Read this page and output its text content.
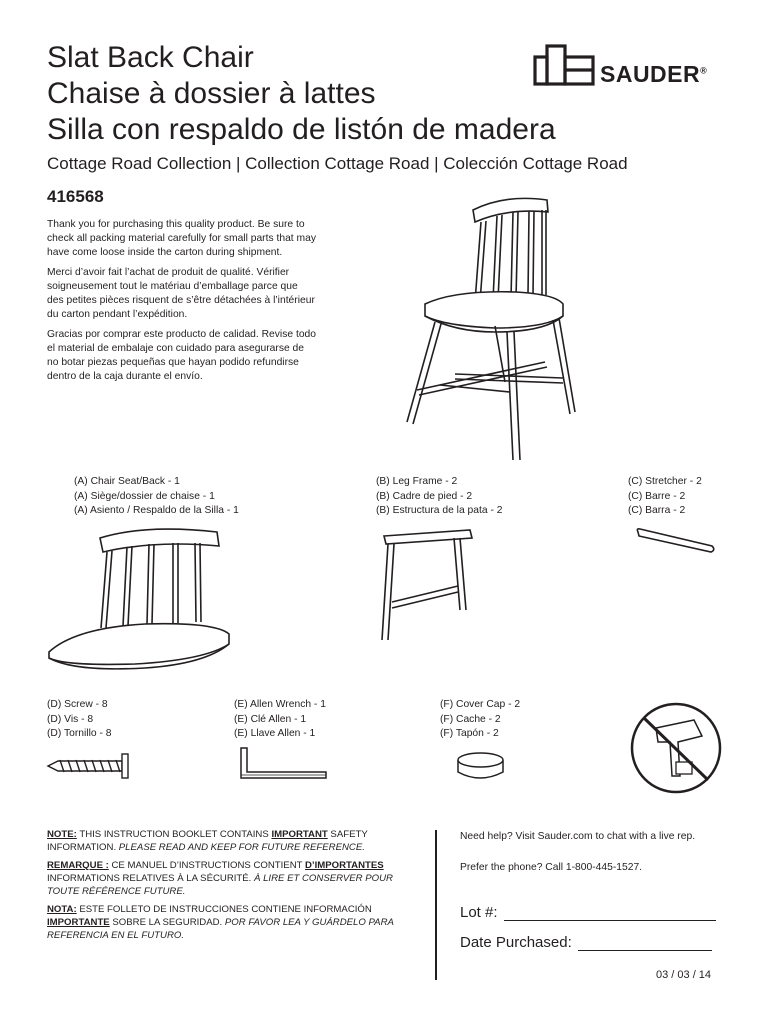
Slat Back Chair
Chaise à dossier à lattes
Silla con respaldo de listón de madera
SAUDER®
Cottage Road Collection | Collection Cottage Road | Colección Cottage Road
416568

Thank you for purchasing this quality product. Be sure to check all packing material carefully for small parts that may have come loose inside the carton during shipment.

Merci d’avoir fait l’achat de produit de qualité. Vérifier soigneusement tout le matériau d’emballage parce que des petites pièces risquent de s’être détachées à l’intérieur du carton pendant l’expédition.

Gracias por comprar este producto de calidad. Revise todo el material de embalaje con cuidado para asegurarse de no botar piezas pequeñas que hayan podido refundirse dentro de la caja durante el envío.

(A) Chair Seat/Back - 1
(A) Siège/dossier de chaise - 1
(A) Asiento / Respaldo de la Silla - 1
(B) Leg Frame - 2
(B) Cadre de pied - 2
(B) Estructura de la pata - 2
(C) Stretcher - 2
(C) Barre - 2
(C) Barra - 2
(D) Screw - 8
(D) Vis - 8
(D) Tornillo - 8
(E) Allen Wrench - 1
(E) Clé Allen - 1
(E) Llave Allen - 1
(F) Cover Cap - 2
(F) Cache - 2
(F) Tapón - 2

NOTE: THIS INSTRUCTION BOOKLET CONTAINS IMPORTANT SAFETY INFORMATION. PLEASE READ AND KEEP FOR FUTURE REFERENCE.

REMARQUE : CE MANUEL D’INSTRUCTIONS CONTIENT D’IMPORTANTES INFORMATIONS RELATIVES À LA SÉCURITÉ. À LIRE ET CONSERVER POUR TOUTE RÉFÉRENCE FUTURE.

NOTA: ESTE FOLLETO DE INSTRUCCIONES CONTIENE INFORMACIÓN IMPORTANTE SOBRE LA SEGURIDAD. POR FAVOR LEA Y GUÁRDELO PARA REFERENCIA EN EL FUTURO.

Need help? Visit Sauder.com to chat with a live rep.
Prefer the phone? Call 1-800-445-1527.
Lot #:
Date Purchased:
03 / 03 / 14
